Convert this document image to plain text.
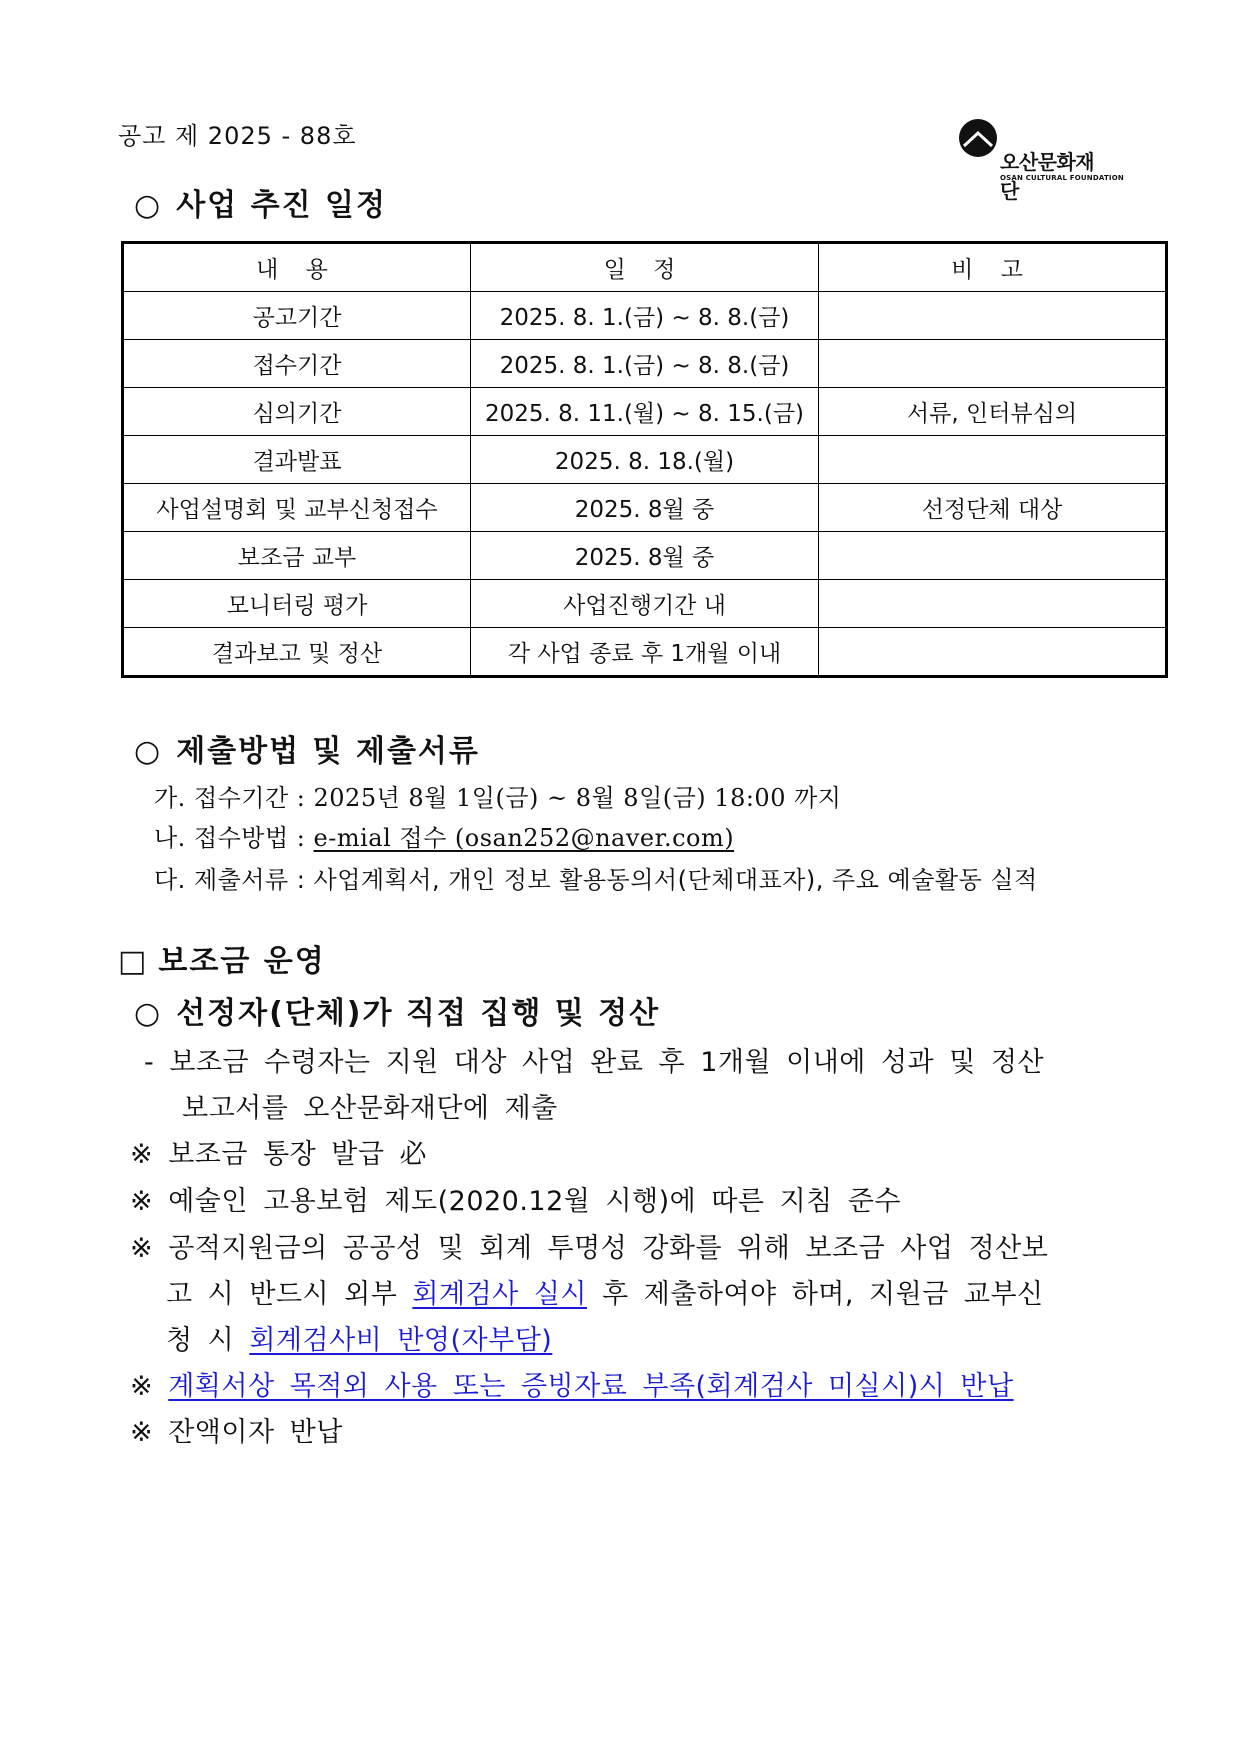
공고 제 2025 - 88호
오산문화재단
OSAN CULTURAL FOUNDATION
○ 사업 추진 일정
내 용	일 정	비 고
공고기간	2025. 8. 1.(금) ~ 8. 8.(금)	
접수기간	2025. 8. 1.(금) ~ 8. 8.(금)	
심의기간	2025. 8. 11.(월) ~ 8. 15.(금)	서류, 인터뷰심의
결과발표	2025. 8. 18.(월)	
사업설명회 및 교부신청접수	2025. 8월 중	선정단체 대상
보조금 교부	2025. 8월 중	
모니터링 평가	사업진행기간 내	
결과보고 및 정산	각 사업 종료 후 1개월 이내	
○ 제출방법 및 제출서류
가. 접수기간 : 2025년 8월 1일(금) ~ 8월 8일(금) 18:00 까지
나. 접수방법 : e-mial 접수 (osan252@naver.com)
다. 제출서류 : 사업계획서, 개인 정보 활용동의서(단체대표자), 주요 예술활동 실적
□ 보조금 운영
○ 선정자(단체)가 직접 집행 및 정산
- 보조금 수령자는 지원 대상 사업 완료 후 1개월 이내에 성과 및 정산
보고서를 오산문화재단에 제출
※ 보조금 통장 발급 必
※ 예술인 고용보험 제도(2020.12월 시행)에 따른 지침 준수
※ 공적지원금의 공공성 및 회계 투명성 강화를 위해 보조금 사업 정산보
고 시 반드시 외부 회계검사 실시 후 제출하여야 하며, 지원금 교부신
청 시 회계검사비 반영(자부담)
※ 계획서상 목적외 사용 또는 증빙자료 부족(회계검사 미실시)시 반납
※ 잔액이자 반납
